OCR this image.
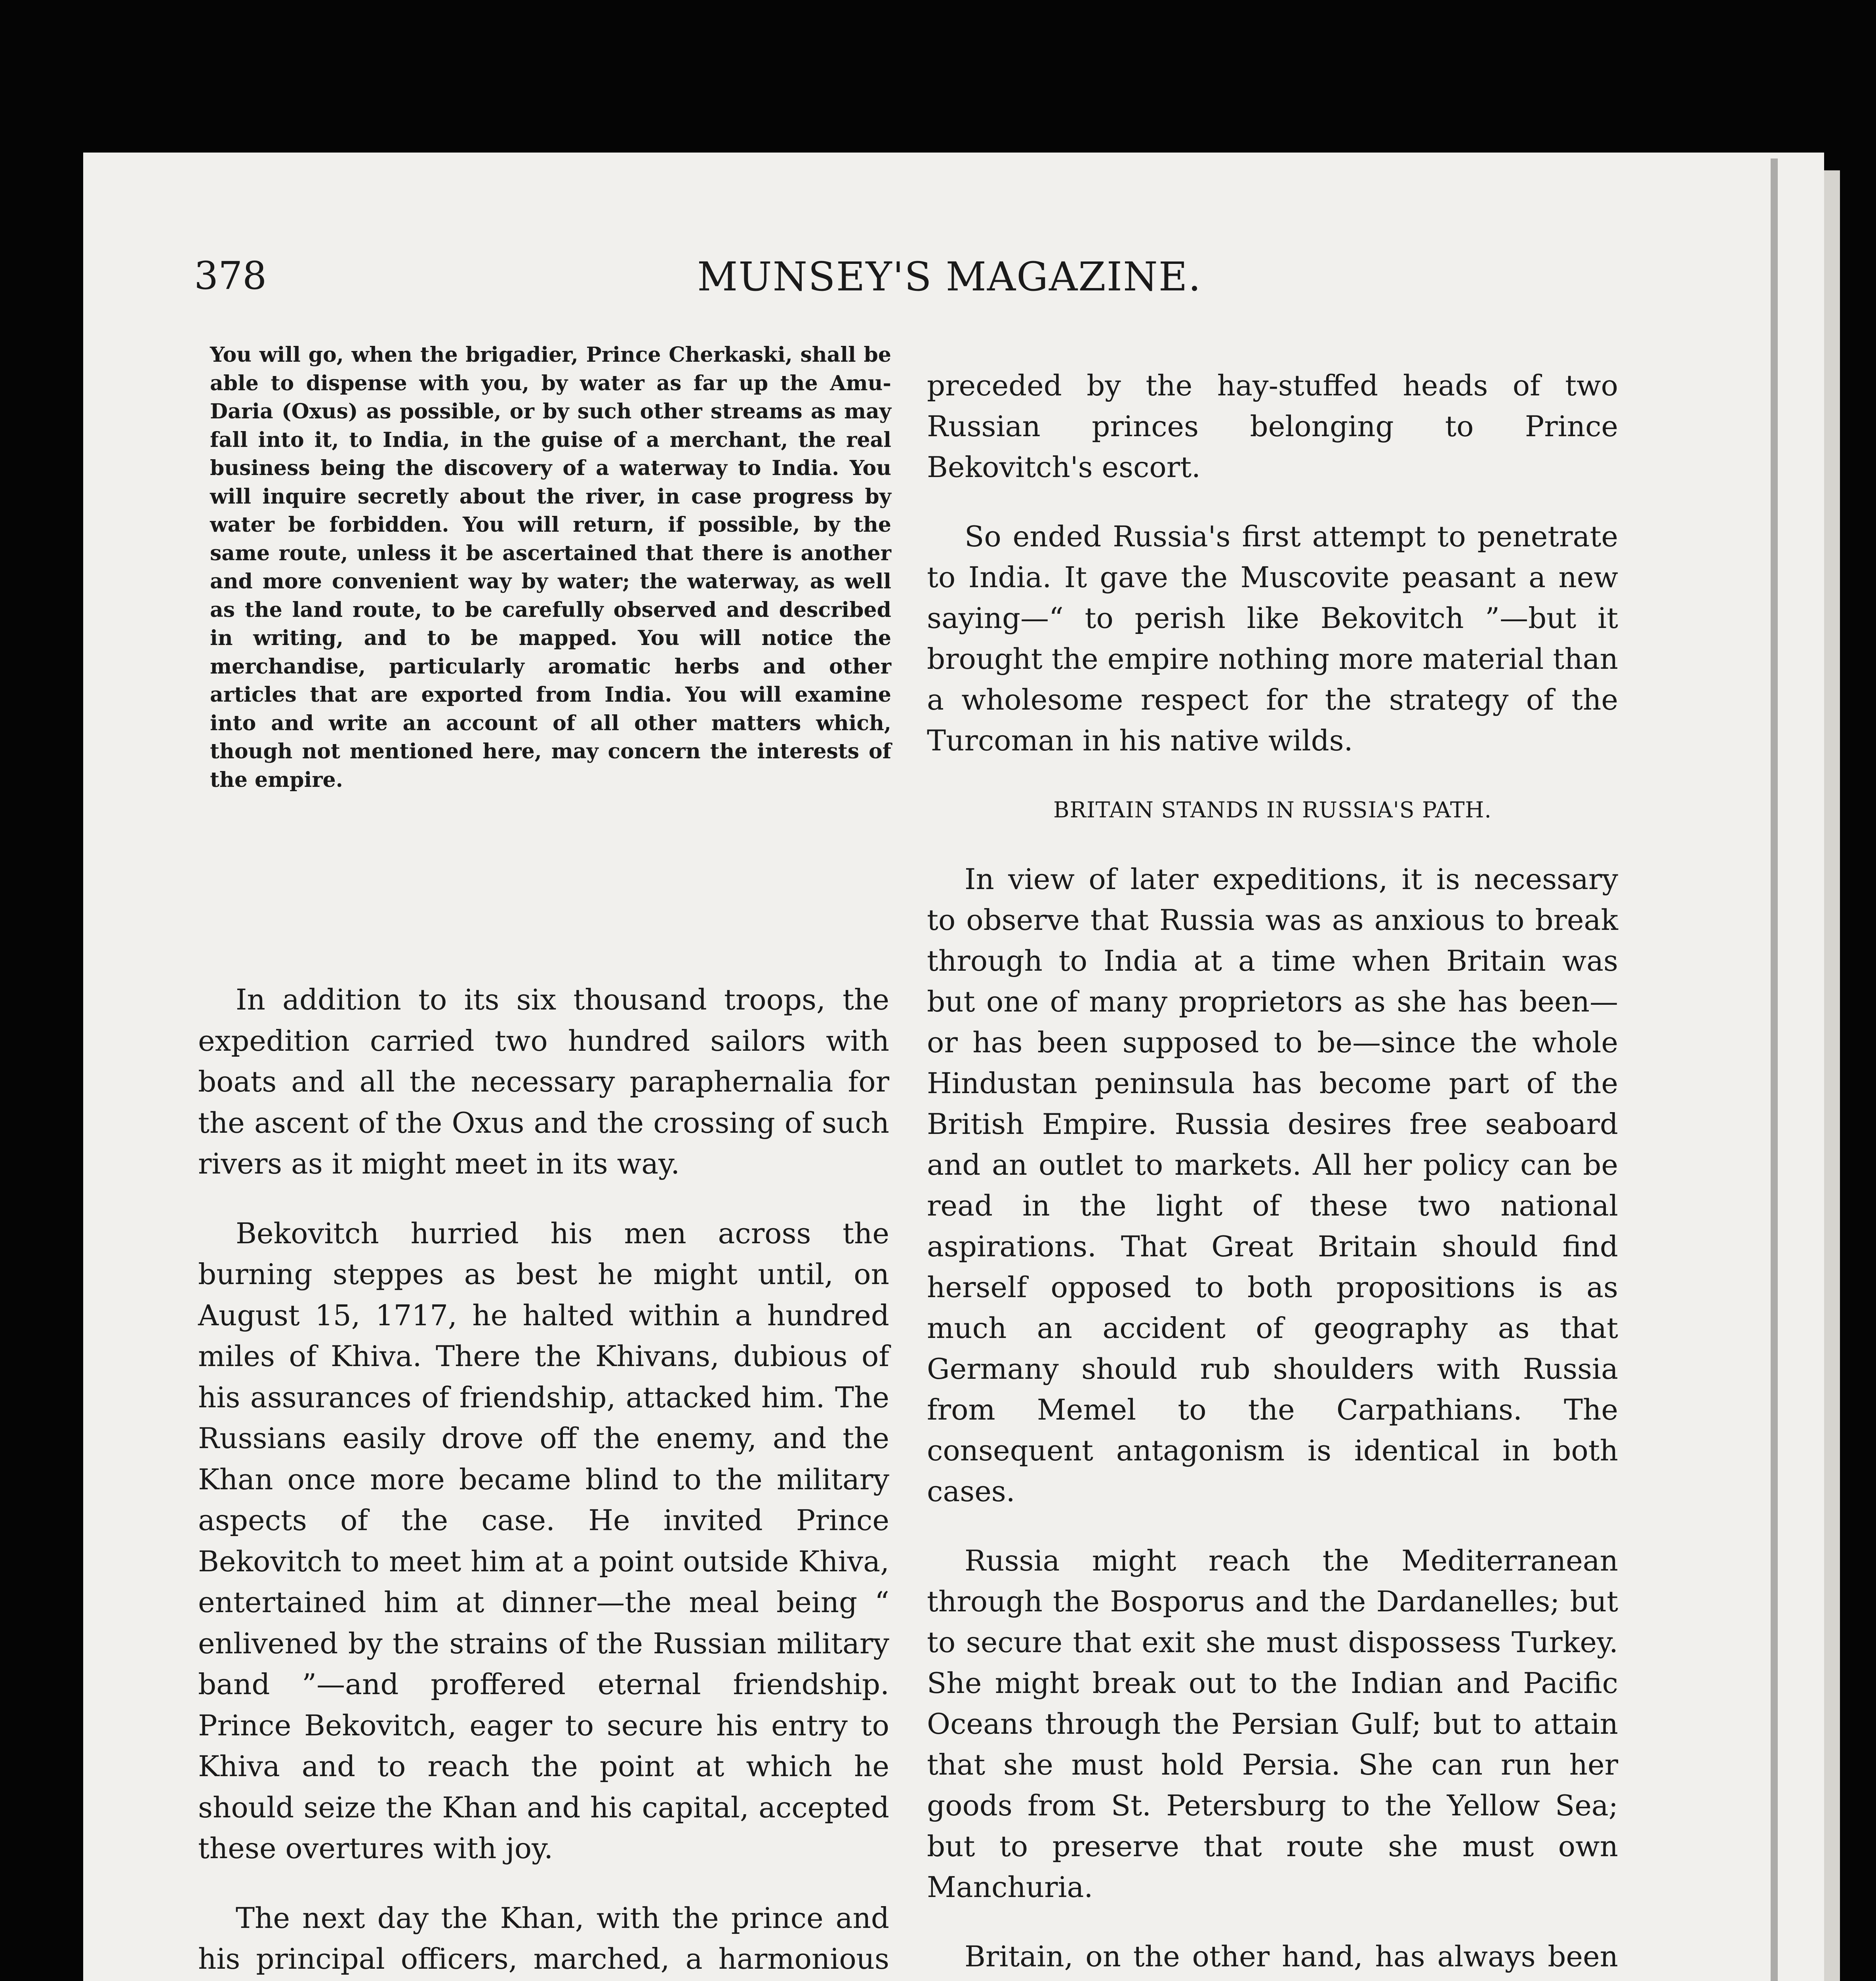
378	MUNSEY'S MAGAZINE.
You will go, when the brigadier, Prince Cherkaski, shall be able to dispense with you, by water as far up the Amu-Daria (Oxus) as possible, or by such other streams as may fall into it, to India, in the guise of a merchant, the real business being the discovery of a waterway to India. You will inquire secretly about the river, in case progress by water be forbidden. You will return, if possible, by the same route, unless it be ascertained that there is another and more convenient way by water; the waterway, as well as the land route, to be carefully observed and described in writing, and to be mapped. You will notice the merchandise, particularly aromatic herbs and other articles that are exported from India. You will examine into and write an account of all other matters which, though not mentioned here, may concern the interests of the empire.

In addition to its six thousand troops, the expedition carried two hundred sailors with boats and all the necessary paraphernalia for the ascent of the Oxus and the crossing of such rivers as it might meet in its way.

Bekovitch hurried his men across the burning steppes as best he might until, on August 15, 1717, he halted within a hundred miles of Khiva. There the Khivans, dubious of his assurances of friendship, attacked him. The Russians easily drove off the enemy, and the Khan once more became blind to the military aspects of the case. He invited Prince Bekovitch to meet him at a point outside Khiva, entertained him at dinner—the meal being “ enlivened by the strains of the Russian military band ”—and proffered eternal friendship. Prince Bekovitch, eager to secure his entry to Khiva and to reach the point at which he should seize the Khan and his capital, accepted these overtures with joy.

The next day the Khan, with the prince and his principal officers, marched, a harmonious

preceded by the hay-stuffed heads of two Russian princes belonging to Prince Bekovitch's escort.

So ended Russia's first attempt to penetrate to India. It gave the Muscovite peasant a new saying—“ to perish like Bekovitch ”—but it brought the empire nothing more material than a wholesome respect for the strategy of the Turcoman in his native wilds.

BRITAIN STANDS IN RUSSIA'S PATH.

In view of later expeditions, it is necessary to observe that Russia was as anxious to break through to India at a time when Britain was but one of many proprietors as she has been—or has been supposed to be—since the whole Hindustan peninsula has become part of the British Empire. Russia desires free seaboard and an outlet to markets. All her policy can be read in the light of these two national aspirations. That Great Britain should find herself opposed to both propositions is as much an accident of geography as that Germany should rub shoulders with Russia from Memel to the Carpathians. The consequent antagonism is identical in both cases.

Russia might reach the Mediterranean through the Bosporus and the Dardanelles; but to secure that exit she must dispossess Turkey. She might break out to the Indian and Pacific Oceans through the Persian Gulf; but to attain that she must hold Persia. She can run her goods from St. Petersburg to the Yellow Sea; but to preserve that route she must own Manchuria.

Britain, on the other hand, has always been
